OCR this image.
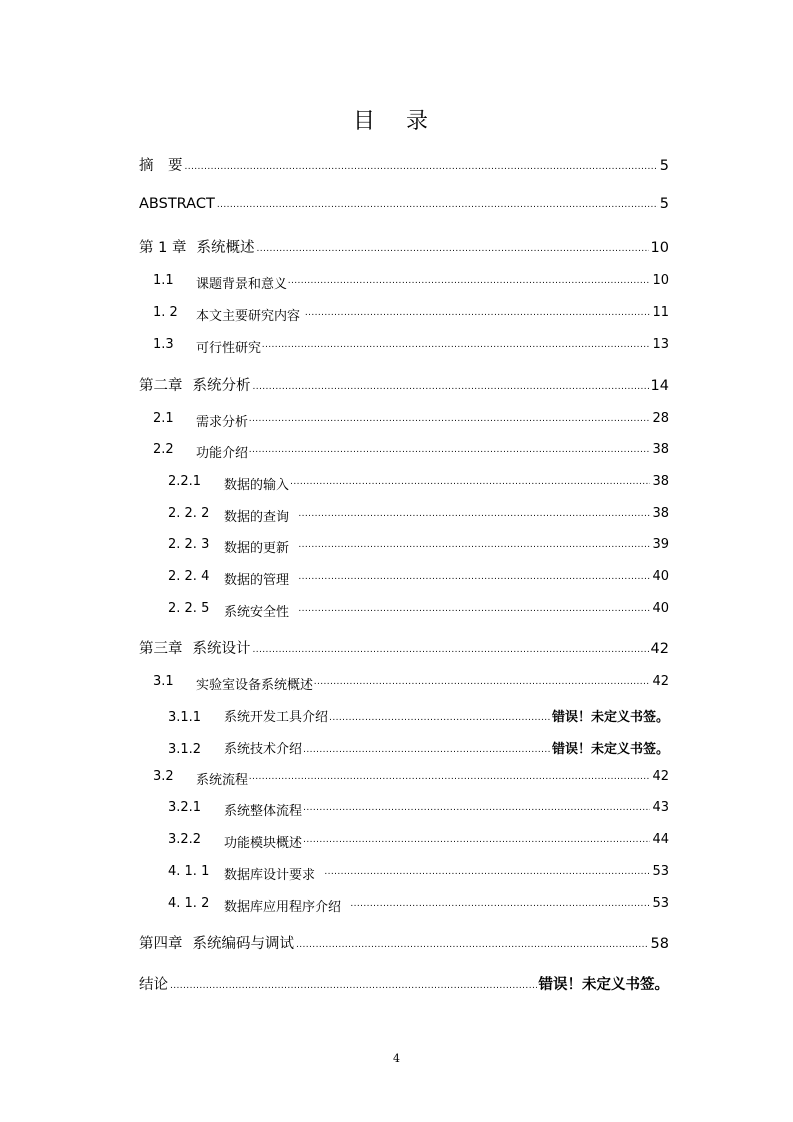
目 录
摘　要 .....	5
ABSTRACT .....	5
第 1 章 系统概述 .....	10
1.1 课题背景和意义 .....	10
1. 2 本文主要研究内容 .....	11
1.3 可行性研究 .....	13
第二章 系统分析 .....	14
2.1 需求分析 .....	28
2.2 功能介绍 .....	38
2.2.1 数据的输入 .....	38
2. 2. 2 数据的查询 .....	38
2. 2. 3 数据的更新 .....	39
2. 2. 4 数据的管理 .....	40
2. 2. 5 系统安全性 .....	40
第三章 系统设计 .....	42
3.1 实验室设备系统概述 .....	42
3.1.1 系统开发工具介绍 .....	错误！未定义书签。
3.1.2 系统技术介绍 .....	错误！未定义书签。
3.2 系统流程 .....	42
3.2.1 系统整体流程 .....	43
3.2.2 功能模块概述 .....	44
4. 1. 1 数据库设计要求 .....	53
4. 1. 2 数据库应用程序介绍 .....	53
第四章 系统编码与调试 .....	58
结论 .....	错误！未定义书签。
4
